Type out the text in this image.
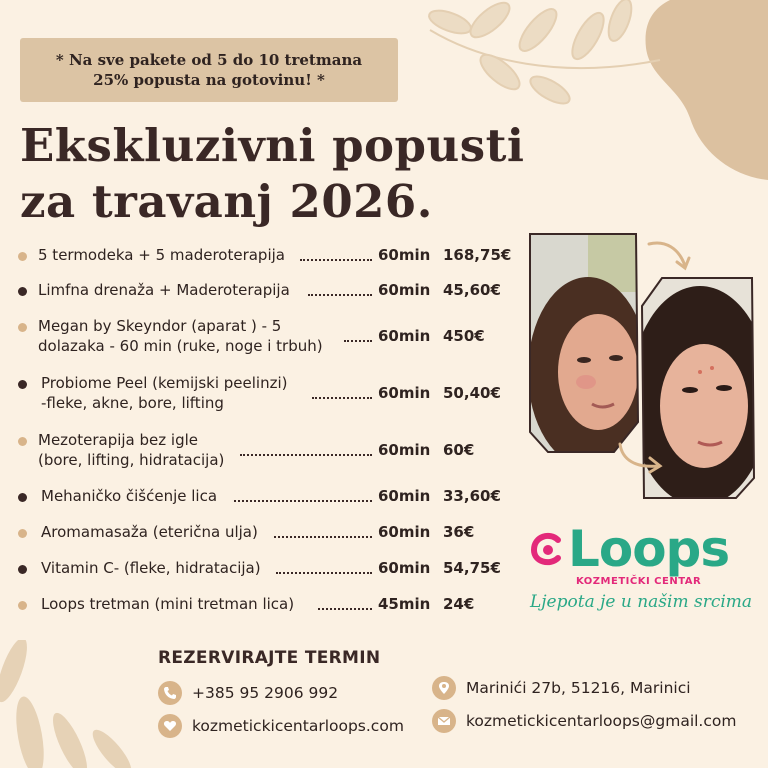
* Na sve pakete od 5 do 10 tretmana
25% popusta na gotovinu! *
Ekskluzivni popusti
za travanj 2026.
5 termodeka + 5 maderoterapija	60min 168,75€
Limfna drenaža + Maderoterapija	60min 45,60€
Megan by Skeyndor (aparat ) - 5
dolazaka - 60 min (ruke, noge i trbuh)
60min 450€
Probiome Peel (kemijski peelinzi)
-fleke, akne, bore, lifting
60min 50,40€
Mezoterapija bez igle
(bore, lifting, hidratacija)
60min 60€
Mehaničko čišćenje lica	60min 33,60€
Aromamasaža (eterična ulja)	60min 36€
Vitamin C- (fleke, hidratacija)	60min 54,75€
Loops tretman (mini tretman lica)	45min 24€
Loops
KOZMETIČKI CENTAR
Ljepota je u našim srcima
REZERVIRAJTE TERMIN
+385 95 2906 992
kozmetickicentarloops.com
Marinići 27b, 51216, Marinici
kozmetickicentarloops@gmail.com
